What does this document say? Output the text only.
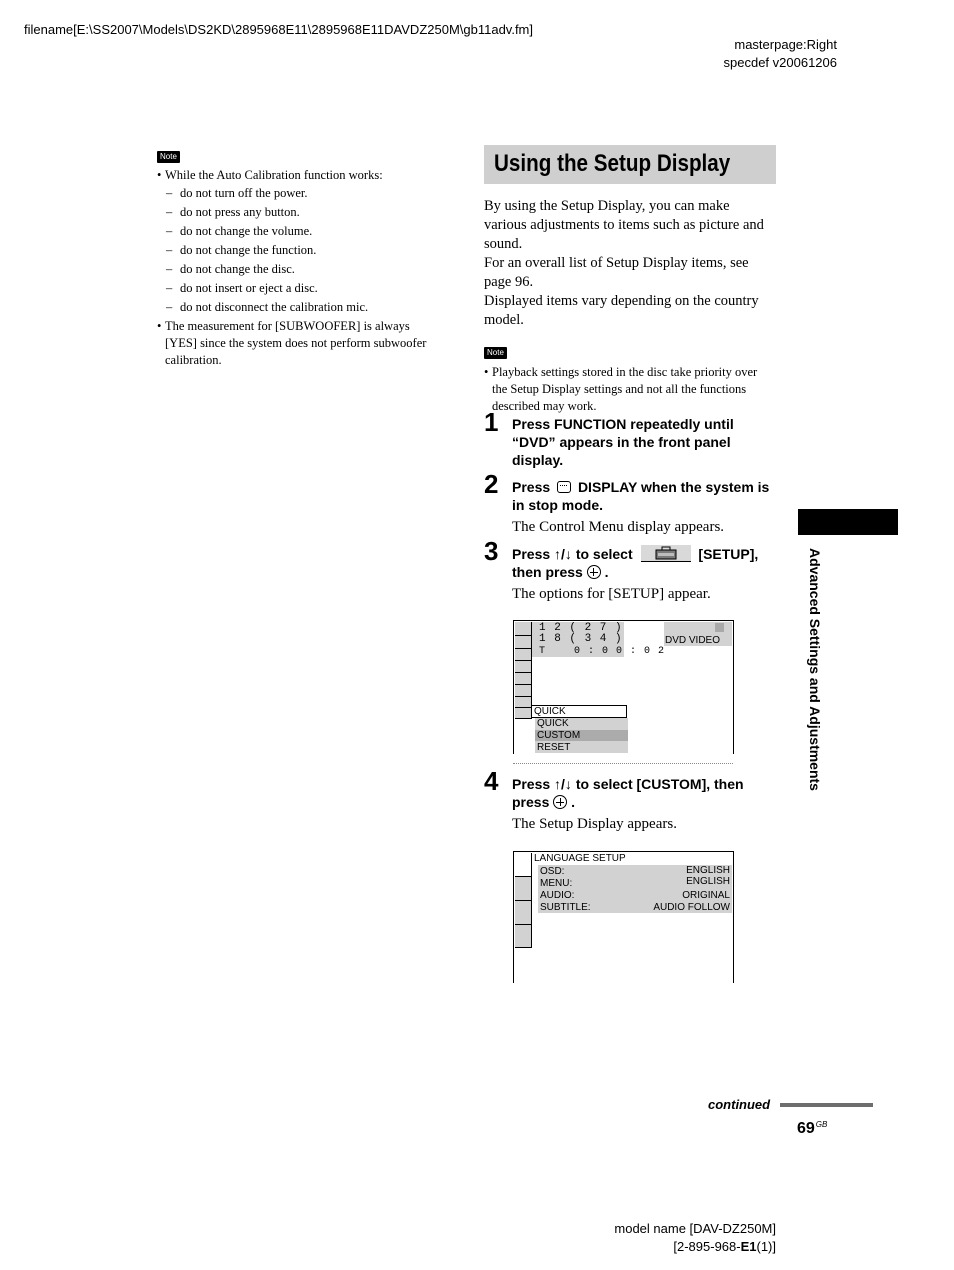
filename[E:\SS2007\Models\DS2KD\2895968E11\2895968E11DAVDZ250M\gb11adv.fm]
masterpage:Right
specdef v20061206
Note
• While the Auto Calibration function works:
– do not turn off the power.
– do not press any button.
– do not change the volume.
– do not change the function.
– do not change the disc.
– do not insert or eject a disc.
– do not disconnect the calibration mic.
• The measurement for [SUBWOOFER] is always
[YES] since the system does not perform subwoofer
calibration.
Using the Setup Display
By using the Setup Display, you can make
various adjustments to items such as picture and
sound.
For an overall list of Setup Display items, see
page 96.
Displayed items vary depending on the country
model.
Note
• Playback settings stored in the disc take priority over
the Setup Display settings and not all the functions
described may work.
1 Press FUNCTION repeatedly until
“DVD” appears in the front panel
display.
2 Press DISPLAY when the system is
in stop mode.
The Control Menu display appears.
3 Press ↑/↓ to select	[SETUP],
then press  .
The options for [SETUP] appear.
1 2 ( 2 7 )
1 8 ( 3 4 )
T    0 : 0 0 : 0 2
DVD VIDEO
QUICK
QUICK
CUSTOM
RESET
4 Press ↑/↓ to select [CUSTOM], then
press  .
The Setup Display appears.
LANGUAGE SETUP
OSD:	ENGLISH
MENU:	ENGLISH
AUDIO:	ORIGINAL
SUBTITLE:	AUDIO FOLLOW
Advanced Settings and Adjustments
continued
$69^{GB}$
model name [DAV-DZ250M]
[2-895-968-E1(1)]
